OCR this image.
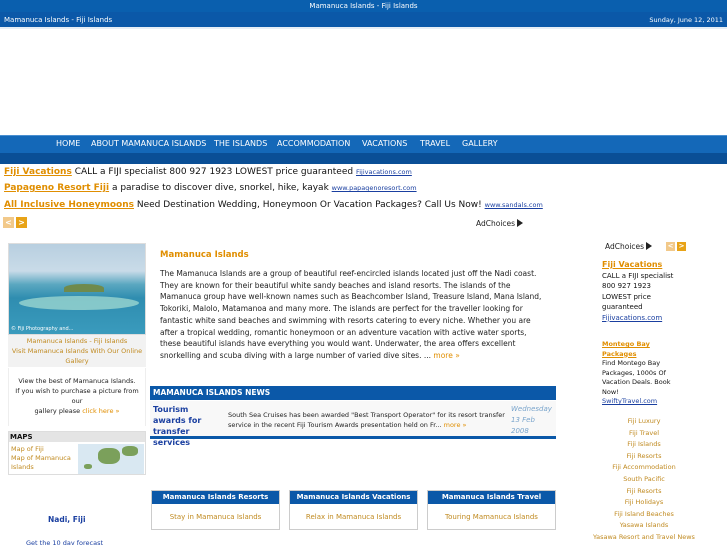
Mamanuca Islands - Fiji Islands
Mamanuca Islands - Fiji Islands	Sunday, June 12, 2011
HOME ABOUT MAMANUCA ISLANDS THE ISLANDS ACCOMMODATION VACATIONS TRAVEL GALLERY
Fiji Vacations CALL a FIJI specialist 800 927 1923 LOWEST price guaranteed Fijivacations.com
Papageno Resort Fiji a paradise to discover dive, snorkel, hike, kayak www.papagenoresort.com
All Inclusive Honeymoons Need Destination Wedding, Honeymoon Or Vacation Packages? Call Us Now! www.sandals.com
< >	AdChoices
© Fiji Photography and...
Mamanuca Islands - Fiji Islands
Visit Mamanuca Islands With Our Online
Gallery
View the best of Mamanuca Islands.
If you wish to purchase a picture from our
gallery please click here »
MAPS
Map of Fiji
Map of Mamanuca
Islands
Nadi, Fiji
Get the 10 day forecast
Mamanuca Islands
The Mamanuca Islands are a group of beautiful reef-encircled islands located just off the Nadi coast. They are known for their beautiful white sandy beaches and island resorts. The islands of the Mamanuca group have well-known names such as Beachcomber Island, Treasure Island, Mana Island, Tokoriki, Malolo, Matamanoa and many more. The islands are perfect for the traveller looking for fantastic white sand beaches and swimming with resorts catering to every niche. Whether you are after a tropical wedding, romantic honeymoon or an adventure vacation with active water sports, these beautiful islands have everything you would want. Underwater, the area offers excellent snorkelling and scuba diving with a large number of varied dive sites. ... more »
MAMANUCA ISLANDS NEWS
Tourism awards for transfer services
South Sea Cruises has been awarded "Best Transport Operator" for its resort transfer service in the recent Fiji Tourism Awards presentation held on Fr... more »
Wednesday
13 Feb
2008
Mamanuca Islands Resorts
Stay in Mamanuca Islands
Mamanuca Islands Vacations
Relax in Mamanuca Islands
Mamanuca Islands Travel
Touring Mamanuca Islands
AdChoices	< >
Fiji Vacations
CALL a FIJI specialist
800 927 1923
LOWEST price
guaranteed
Fijivacations.com
Montego Bay
Packages
Find Montego Bay
Packages, 1000s Of
Vacation Deals. Book
Now!
SwiftyTravel.com
Fiji Luxury
Fiji Travel
Fiji Islands
Fiji Resorts
Fiji Accommodation
South Pacific
Fiji Resorts
Fiji Holidays
Fiji Island Beaches
Yasawa Islands
Yasawa Resort and Travel News
